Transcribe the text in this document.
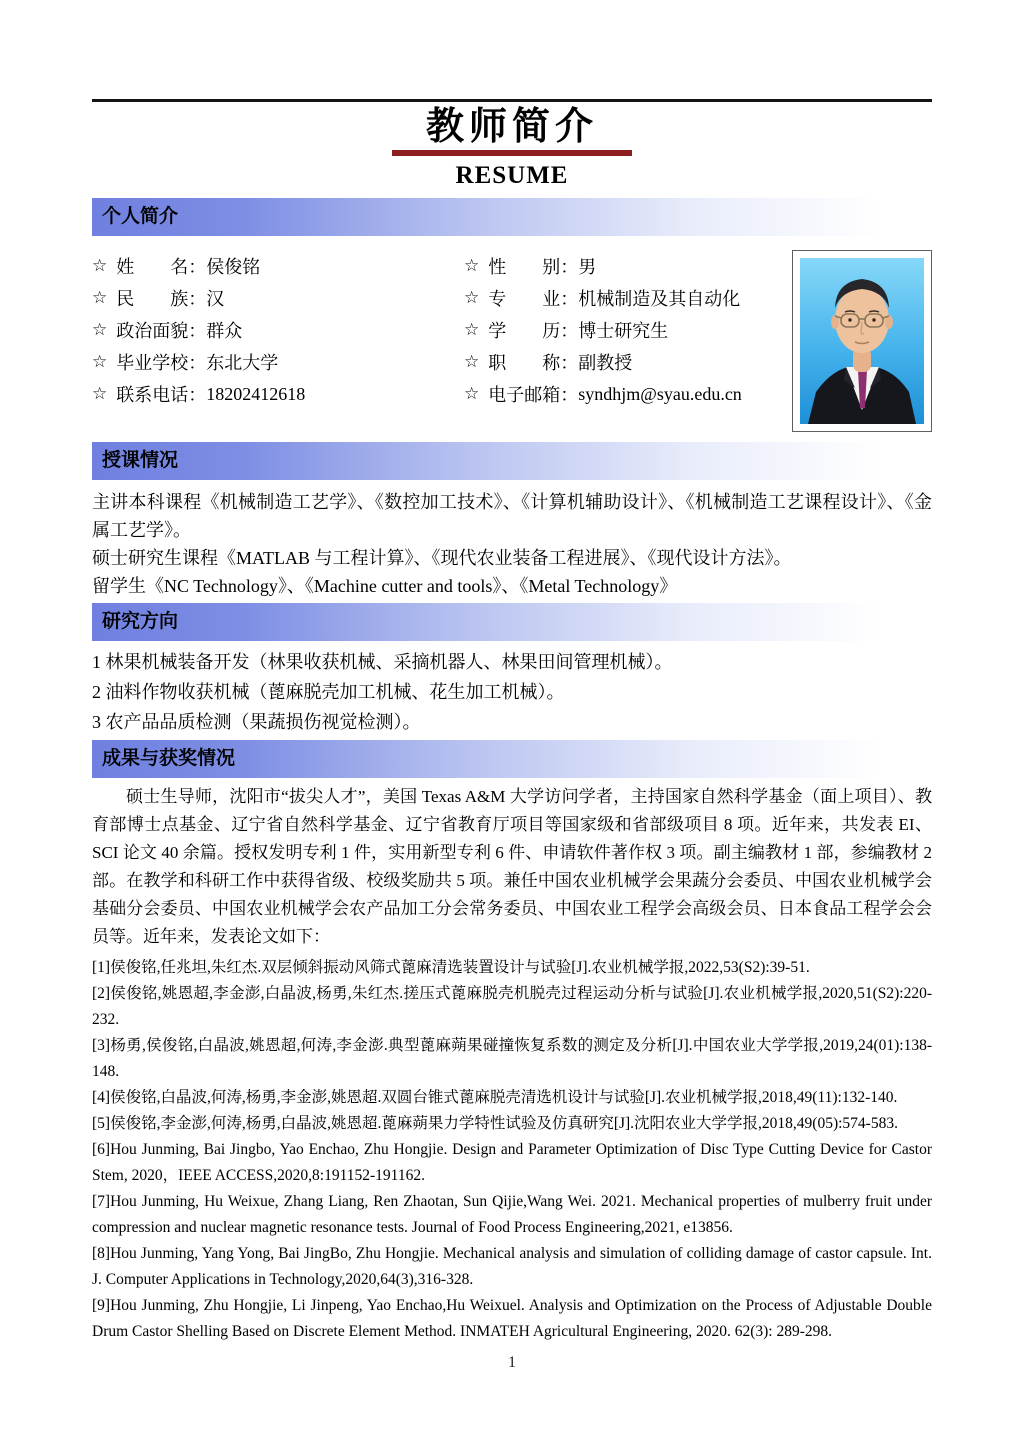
教师简介
RESUME
个人简介
☆ 姓　　名： 侯俊铭
☆ 民　　族： 汉
☆ 政治面貌： 群众
☆ 毕业学校： 东北大学
☆ 联系电话： 18202412618
☆ 性　　别： 男
☆ 专　　业： 机械制造及其自动化
☆ 学　　历： 博士研究生
☆ 职　　称： 副教授
☆ 电子邮箱： syndhjm@syau.edu.cn
授课情况

主讲本科课程《机械制造工艺学》、《数控加工技术》、《计算机辅助设计》、《机械制造工艺课程设计》、《金属工艺学》。

硕士研究生课程《MATLAB 与工程计算》、《现代农业装备工程进展》、《现代设计方法》。

留学生《NC Technology》、《Machine cutter and tools》、《Metal Technology》

研究方向

1 林果机械装备开发（林果收获机械、采摘机器人、林果田间管理机械）。

2 油料作物收获机械（蓖麻脱壳加工机械、花生加工机械）。

3 农产品品质检测（果蔬损伤视觉检测）。

成果与获奖情况

硕士生导师，沈阳市“拔尖人才”，美国 Texas A&M 大学访问学者，主持国家自然科学基金（面上项目）、教育部博士点基金、辽宁省自然科学基金、辽宁省教育厅项目等国家级和省部级项目 8 项。近年来，共发表 EI、SCI 论文 40 余篇。授权发明专利 1 件，实用新型专利 6 件、申请软件著作权 3 项。副主编教材 1 部，参编教材 2 部。在教学和科研工作中获得省级、校级奖励共 5 项。兼任中国农业机械学会果蔬分会委员、中国农业机械学会基础分会委员、中国农业机械学会农产品加工分会常务委员、中国农业工程学会高级会员、日本食品工程学会会员等。近年来，发表论文如下：

[1]侯俊铭,任兆坦,朱红杰.双层倾斜振动风筛式蓖麻清选装置设计与试验[J].农业机械学报,2022,53(S2):39-51.

[2]侯俊铭,姚恩超,李金澎,白晶波,杨勇,朱红杰.搓压式蓖麻脱壳机脱壳过程运动分析与试验[J].农业机械学报,2020,51(S2):220-232.

[3]杨勇,侯俊铭,白晶波,姚恩超,何涛,李金澎.典型蓖麻蒴果碰撞恢复系数的测定及分析[J].中国农业大学学报,2019,24(01):138-148.

[4]侯俊铭,白晶波,何涛,杨勇,李金澎,姚恩超.双圆台锥式蓖麻脱壳清选机设计与试验[J].农业机械学报,2018,49(11):132-140.

[5]侯俊铭,李金澎,何涛,杨勇,白晶波,姚恩超.蓖麻蒴果力学特性试验及仿真研究[J].沈阳农业大学学报,2018,49(05):574-583.

[6]Hou Junming, Bai Jingbo, Yao Enchao, Zhu Hongjie. Design and Parameter Optimization of Disc Type Cutting Device for Castor Stem, 2020，IEEE ACCESS,2020,8:191152-191162.

[7]Hou Junming, Hu Weixue, Zhang Liang, Ren Zhaotan, Sun Qijie,Wang Wei. 2021. Mechanical properties of mulberry fruit under compression and nuclear magnetic resonance tests. Journal of Food Process Engineering,2021, e13856.

[8]Hou Junming, Yang Yong, Bai JingBo, Zhu Hongjie. Mechanical analysis and simulation of colliding damage of castor capsule. Int. J. Computer Applications in Technology,2020,64(3),316-328.

[9]Hou Junming, Zhu Hongjie, Li Jinpeng, Yao Enchao,Hu Weixuel. Analysis and Optimization on the Process of Adjustable Double Drum Castor Shelling Based on Discrete Element Method. INMATEH Agricultural Engineering, 2020. 62(3): 289-298.

1
